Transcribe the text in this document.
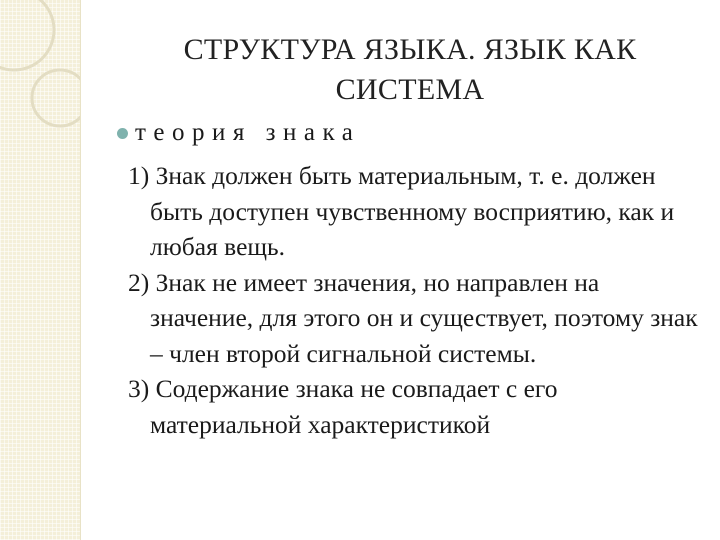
СТРУКТУРА ЯЗЫКА. ЯЗЫК КАК
СИСТЕМА
теория знака

1) Знак должен быть материальным, т. е. должен быть доступен чувственному восприятию, как и любая вещь.

2) Знак не имеет значения, но направлен на значение, для этого он и существует, поэтому знак – член второй сигнальной системы.

3) Содержание знака не совпадает с его материальной характеристикой
